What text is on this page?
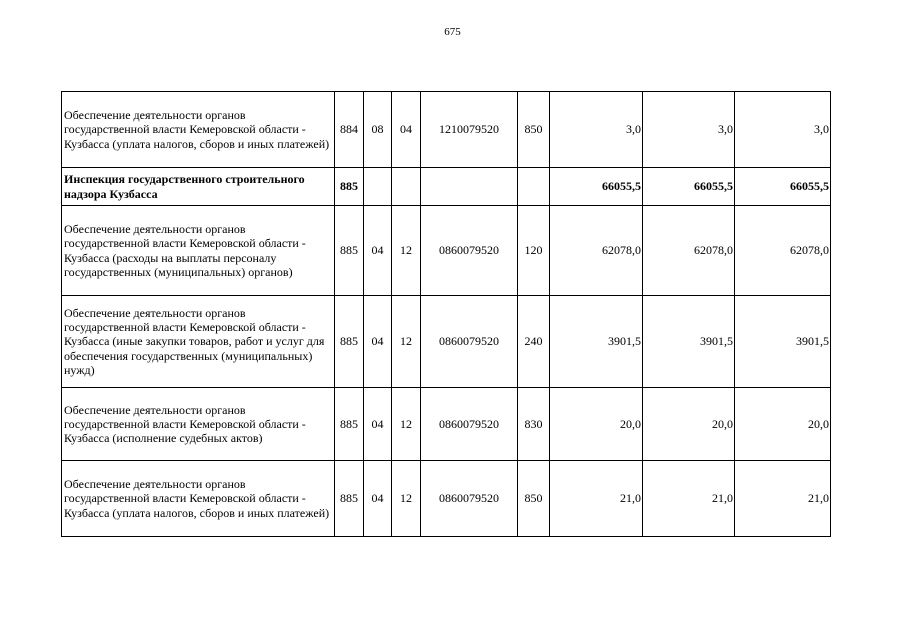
675
Обеспечение деятельности органов государственной власти Кемеровской области - Кузбасса (уплата налогов, сборов и иных платежей)	884	08	04	1210079520	850	3,0	3,0	3,0
Инспекция государственного строительного надзора Кузбасса	885					66055,5	66055,5	66055,5
Обеспечение деятельности органов государственной власти Кемеровской области - Кузбасса (расходы на выплаты персоналу государственных (муниципальных) органов)	885	04	12	0860079520	120	62078,0	62078,0	62078,0
Обеспечение деятельности органов государственной власти Кемеровской области - Кузбасса (иные закупки товаров, работ и услуг для обеспечения государственных (муниципальных) нужд)	885	04	12	0860079520	240	3901,5	3901,5	3901,5
Обеспечение деятельности органов государственной власти Кемеровской области - Кузбасса (исполнение судебных актов)	885	04	12	0860079520	830	20,0	20,0	20,0
Обеспечение деятельности органов государственной власти Кемеровской области - Кузбасса (уплата налогов, сборов и иных платежей)	885	04	12	0860079520	850	21,0	21,0	21,0
